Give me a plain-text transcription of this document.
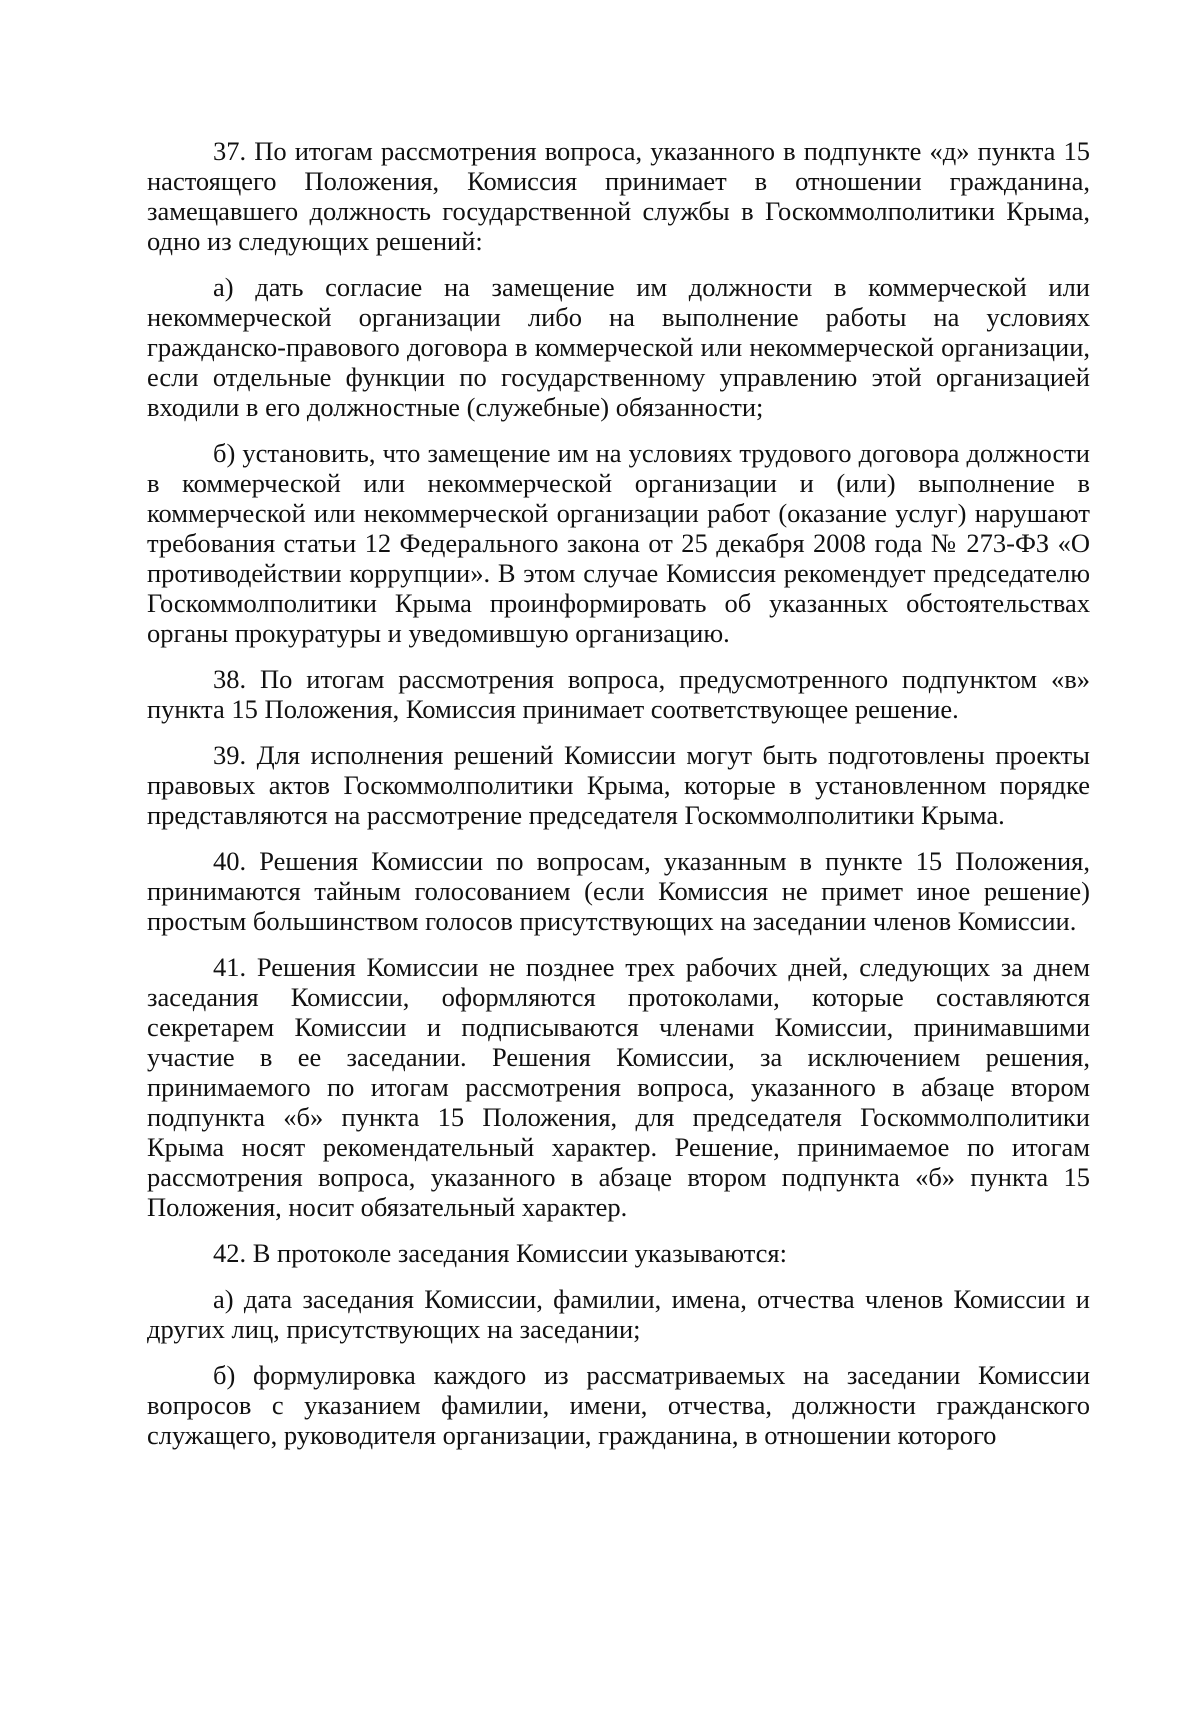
37. По итогам рассмотрения вопроса, указанного в подпункте «д» пункта 15 настоящего Положения, Комиссия принимает в отношении гражданина, замещавшего должность государственной службы в Госкоммолполитики Крыма, одно из следующих решений:

а) дать согласие на замещение им должности в коммерческой или некоммерческой организации либо на выполнение работы на условиях гражданско-правового договора в коммерческой или некоммерческой организации, если отдельные функции по государственному управлению этой организацией входили в его должностные (служебные) обязанности;

б) установить, что замещение им на условиях трудового договора должности в коммерческой или некоммерческой организации и (или) выполнение в коммерческой или некоммерческой организации работ (оказание услуг) нарушают требования статьи 12 Федерального закона от 25 декабря 2008 года № 273-ФЗ «О противодействии коррупции». В этом случае Комиссия рекомендует председателю Госкоммолполитики Крыма проинформировать об указанных обстоятельствах органы прокуратуры и уведомившую организацию.

38. По итогам рассмотрения вопроса, предусмотренного подпунктом «в» пункта 15 Положения, Комиссия принимает соответствующее решение.

39. Для исполнения решений Комиссии могут быть подготовлены проекты правовых актов Госкоммолполитики Крыма, которые в установленном порядке представляются на рассмотрение председателя Госкоммолполитики Крыма.

40. Решения Комиссии по вопросам, указанным в пункте 15 Положения, принимаются тайным голосованием (если Комиссия не примет иное решение) простым большинством голосов присутствующих на заседании членов Комиссии.

41. Решения Комиссии не позднее трех рабочих дней, следующих за днем заседания Комиссии, оформляются протоколами, которые составляются секретарем Комиссии и подписываются членами Комиссии, принимавшими участие в ее заседании. Решения Комиссии, за исключением решения, принимаемого по итогам рассмотрения вопроса, указанного в абзаце втором подпункта «б» пункта 15 Положения, для председателя Госкоммолполитики Крыма носят рекомендательный характер. Решение, принимаемое по итогам рассмотрения вопроса, указанного в абзаце втором подпункта «б» пункта 15 Положения, носит обязательный характер.

42. В протоколе заседания Комиссии указываются:

а) дата заседания Комиссии, фамилии, имена, отчества членов Комиссии и других лиц, присутствующих на заседании;

б) формулировка каждого из рассматриваемых на заседании Комиссии вопросов с указанием фамилии, имени, отчества, должности гражданского служащего, руководителя организации, гражданина, в отношении которого
